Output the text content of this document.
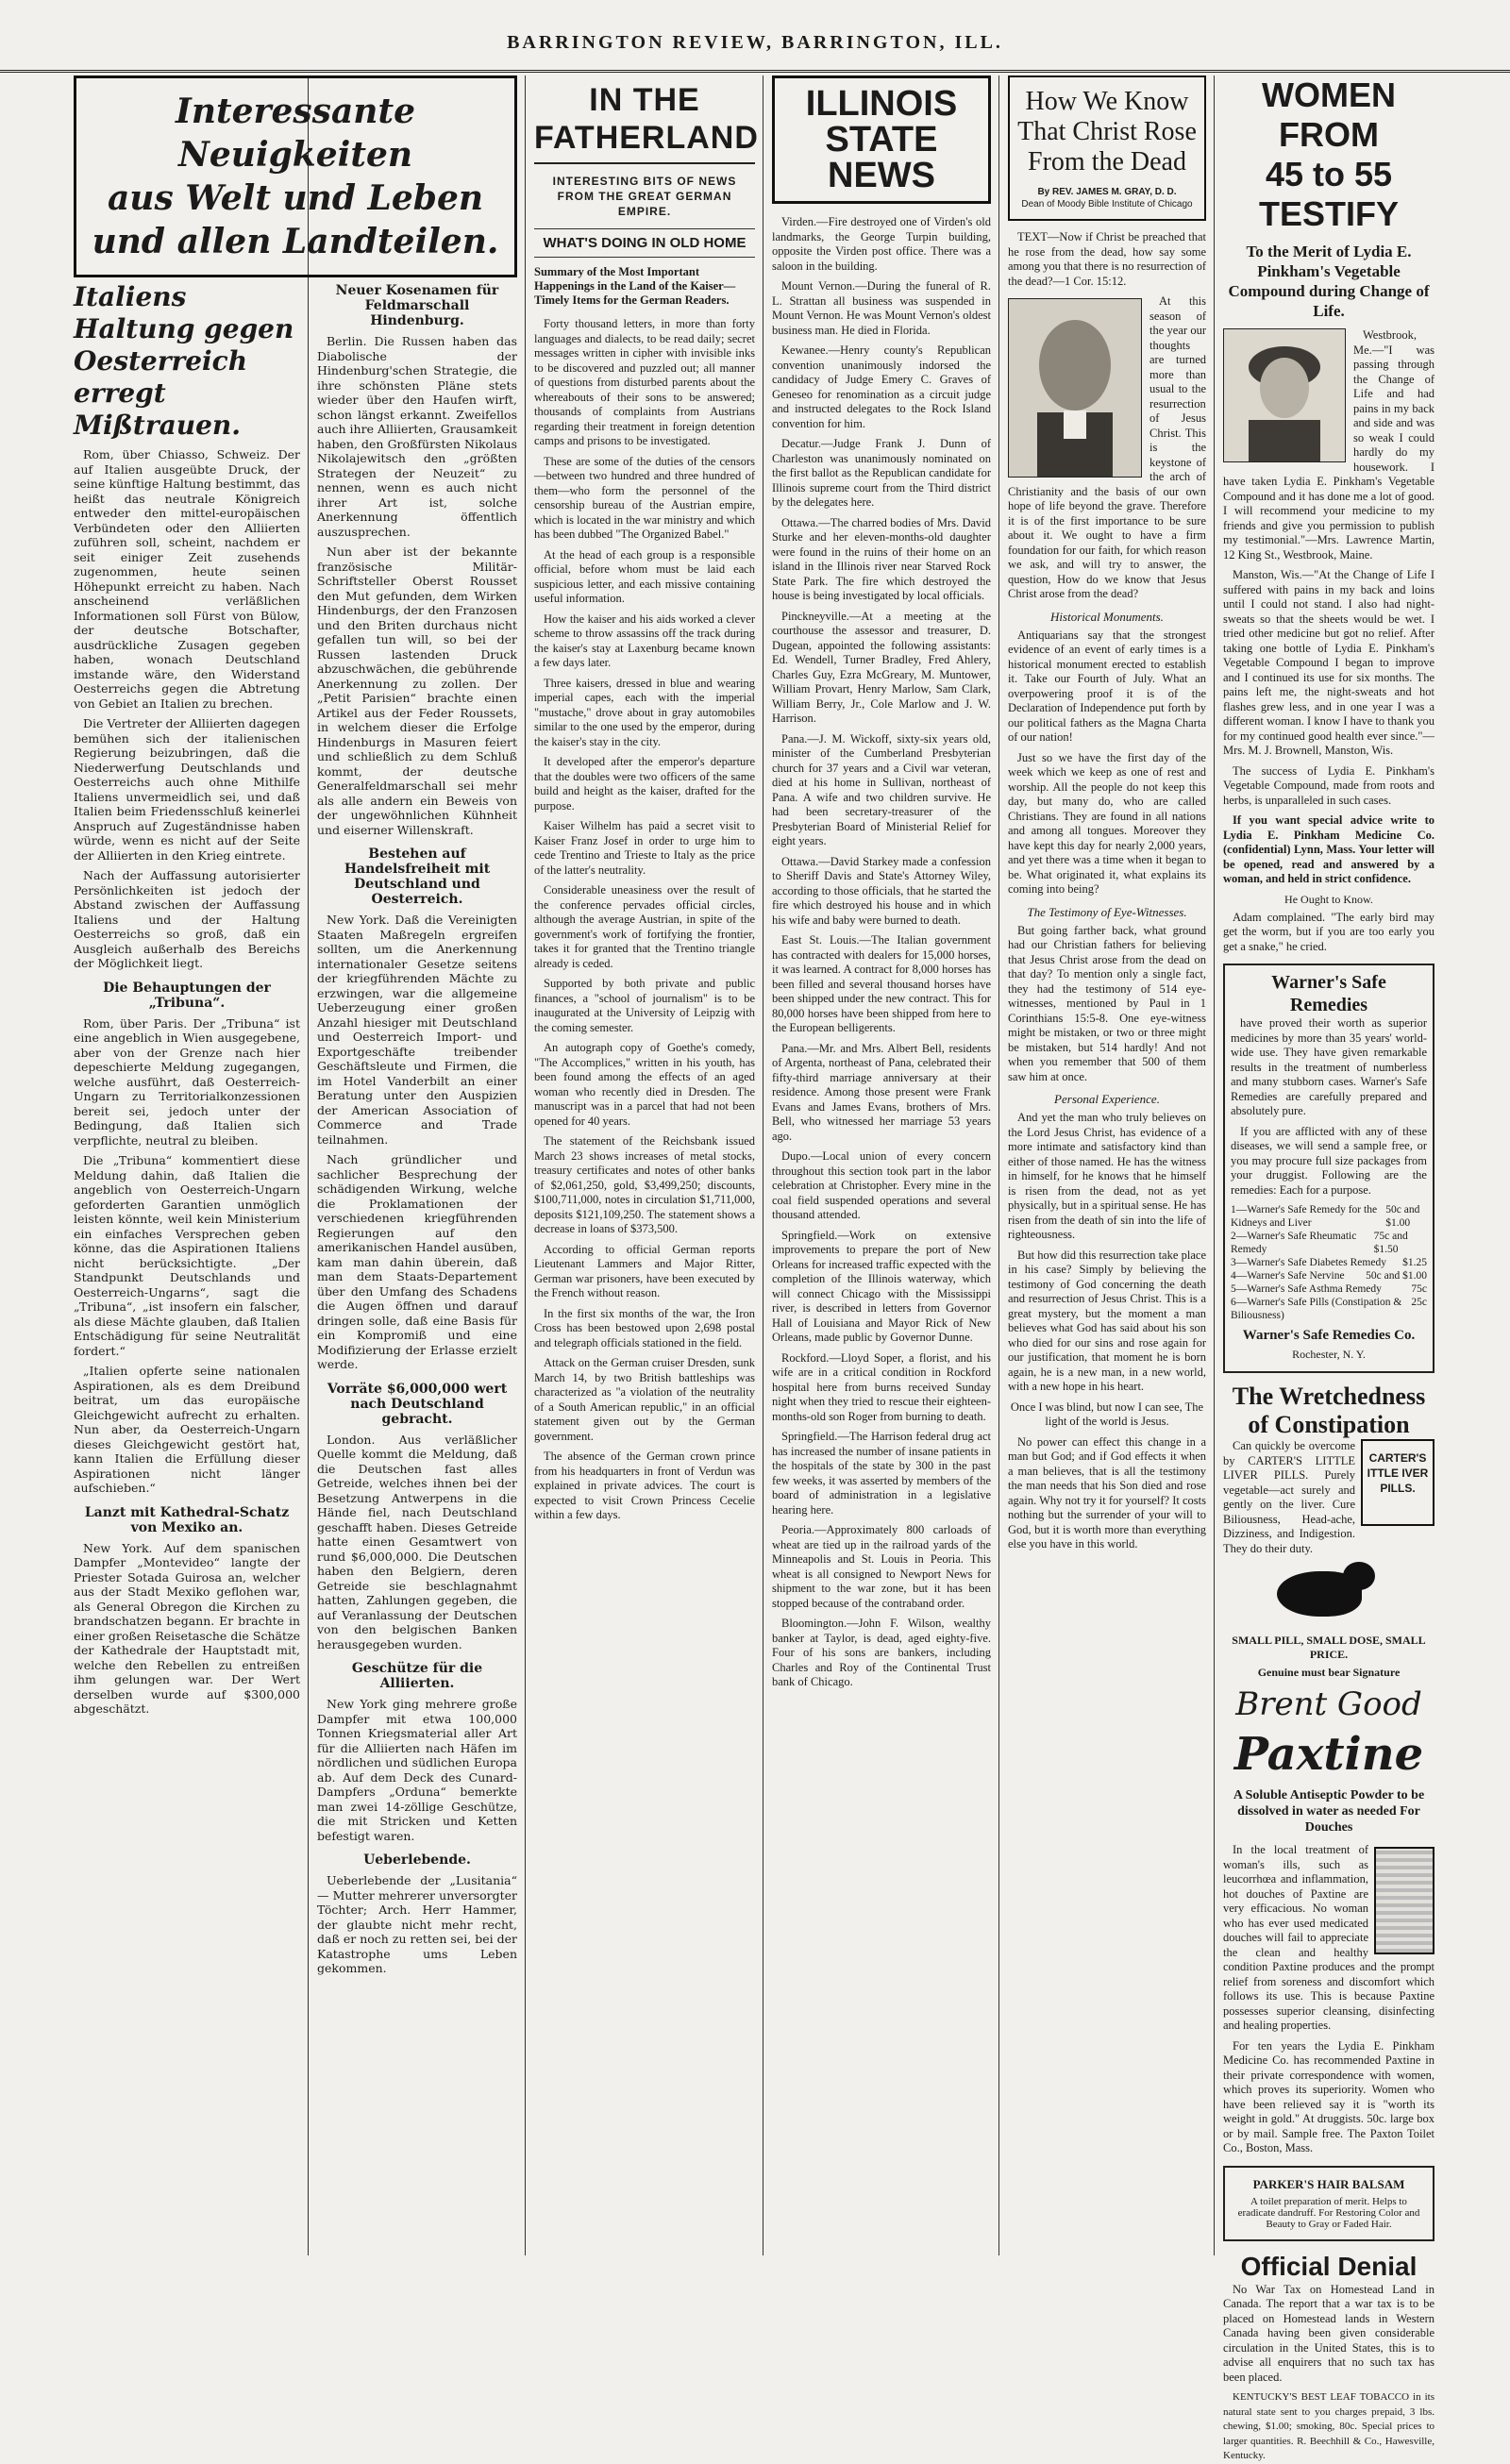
BARRINGTON REVIEW, BARRINGTON, ILL.
Interessante Neuigkeiten
aus Welt und Leben
und allen Landteilen.
Italiens Haltung gegen Oesterreich erregt Mißtrauen.

Rom, über Chiasso, Schweiz. Der auf Italien ausgeübte Druck, der seine künftige Haltung bestimmt, das heißt das neutrale Königreich entweder den mittel-europäischen Verbündeten oder den Alliierten zuführen soll, scheint, nachdem er seit einiger Zeit zusehends zugenommen, heute seinen Höhepunkt erreicht zu haben. Nach anscheinend verläßlichen Informationen soll Fürst von Bülow, der deutsche Botschafter, ausdrückliche Zusagen gegeben haben, wonach Deutschland imstande wäre, den Widerstand Oesterreichs gegen die Abtretung von Gebiet an Italien zu brechen.

Die Vertreter der Alliierten dagegen bemühen sich der italienischen Regierung beizubringen, daß die Niederwerfung Deutschlands und Oesterreichs auch ohne Mithilfe Italiens unvermeidlich sei, und daß Italien beim Friedensschluß keinerlei Anspruch auf Zugeständnisse haben würde, wenn es nicht auf der Seite der Alliierten in den Krieg eintrete.

Nach der Auffassung autorisierter Persönlichkeiten ist jedoch der Abstand zwischen der Auffassung Italiens und der Haltung Oesterreichs so groß, daß ein Ausgleich außerhalb des Bereichs der Möglichkeit liegt.

Die Behauptungen der „Tribuna“.

Rom, über Paris. Der „Tribuna“ ist eine angeblich in Wien ausgegebene, aber von der Grenze nach hier depeschierte Meldung zugegangen, welche ausführt, daß Oesterreich-Ungarn zu Territorialkonzessionen bereit sei, jedoch unter der Bedingung, daß Italien sich verpflichte, neutral zu bleiben.

Die „Tribuna“ kommentiert diese Meldung dahin, daß Italien die angeblich von Oesterreich-Ungarn geforderten Garantien unmöglich leisten könnte, weil kein Ministerium ein einfaches Versprechen geben könne, das die Aspirationen Italiens nicht berücksichtigte. „Der Standpunkt Deutschlands und Oesterreich-Ungarns“, sagt die „Tribuna“, „ist insofern ein falscher, als diese Mächte glauben, daß Italien Entschädigung für seine Neutralität fordert.“

„Italien opferte seine nationalen Aspirationen, als es dem Dreibund beitrat, um das europäische Gleichgewicht aufrecht zu erhalten. Nun aber, da Oesterreich-Ungarn dieses Gleichgewicht gestört hat, kann Italien die Erfüllung dieser Aspirationen nicht länger aufschieben.“

Lanzt mit Kathedral-Schatz von Mexiko an.

New York. Auf dem spanischen Dampfer „Montevideo“ langte der Priester Sotada Guirosa an, welcher aus der Stadt Mexiko geflohen war, als General Obregon die Kirchen zu brandschatzen begann. Er brachte in einer großen Reisetasche die Schätze der Kathedrale der Hauptstadt mit, welche den Rebellen zu entreißen ihm gelungen war. Der Wert derselben wurde auf $300,000 abgeschätzt.

Neuer Kosenamen für Feldmarschall Hindenburg.

Berlin. Die Russen haben das Diabolische der Hindenburg'schen Strategie, die ihre schönsten Pläne stets wieder über den Haufen wirft, schon längst erkannt. Zweifellos auch ihre Alliierten, Grausamkeit haben, den Großfürsten Nikolaus Nikolajewitsch den „größten Strategen der Neuzeit“ zu nennen, wenn es auch nicht ihrer Art ist, solche Anerkennung öffentlich auszusprechen.

Nun aber ist der bekannte französische Militär-Schriftsteller Oberst Rousset den Mut gefunden, dem Wirken Hindenburgs, der den Franzosen und den Briten durchaus nicht gefallen tun will, so bei der Russen lastenden Druck abzuschwächen, die gebührende Anerkennung zu zollen. Der „Petit Parisien“ brachte einen Artikel aus der Feder Roussets, in welchem dieser die Erfolge Hindenburgs in Masuren feiert und schließlich zu dem Schluß kommt, der deutsche Generalfeldmarschall sei mehr als alle andern ein Beweis von der ungewöhnlichen Kühnheit und eiserner Willenskraft.

Bestehen auf Handelsfreiheit mit Deutschland und Oesterreich.

New York. Daß die Vereinigten Staaten Maßregeln ergreifen sollten, um die Anerkennung internationaler Gesetze seitens der kriegführenden Mächte zu erzwingen, war die allgemeine Ueberzeugung einer großen Anzahl hiesiger mit Deutschland und Oesterreich Import- und Exportgeschäfte treibender Geschäftsleute und Firmen, die im Hotel Vanderbilt an einer Beratung unter den Auspizien der American Association of Commerce and Trade teilnahmen.

Nach gründlicher und sachlicher Besprechung der schädigenden Wirkung, welche die Proklamationen der verschiedenen kriegführenden Regierungen auf den amerikanischen Handel ausüben, kam man dahin überein, daß man dem Staats-Departement über den Umfang des Schadens die Augen öffnen und darauf dringen solle, daß eine Basis für ein Kompromiß und eine Modifizierung der Erlasse erzielt werde.

Vorräte $6,000,000 wert nach Deutschland gebracht.

London. Aus verläßlicher Quelle kommt die Meldung, daß die Deutschen fast alles Getreide, welches ihnen bei der Besetzung Antwerpens in die Hände fiel, nach Deutschland geschafft haben. Dieses Getreide hatte einen Gesamtwert von rund $6,000,000. Die Deutschen haben den Belgiern, deren Getreide sie beschlagnahmt hatten, Zahlungen gegeben, die auf Veranlassung der Deutschen von den belgischen Banken herausgegeben wurden.

Geschütze für die Alliierten.

New York ging mehrere große Dampfer mit etwa 100,000 Tonnen Kriegsmaterial aller Art für die Alliierten nach Häfen im nördlichen und südlichen Europa ab. Auf dem Deck des Cunard-Dampfers „Orduna“ bemerkte man zwei 14-zöllige Geschütze, die mit Stricken und Ketten befestigt waren.

Ueberlebende.

Ueberlebende der „Lusitania“ — Mutter mehrerer unversorgter Töchter; Arch. Herr Hammer, der glaubte nicht mehr recht, daß er noch zu retten sei, bei der Katastrophe ums Leben gekommen.

IN THE FATHERLAND
INTERESTING BITS OF NEWS FROM THE GREAT GERMAN EMPIRE.
WHAT'S DOING IN OLD HOME
Summary of the Most Important Happenings in the Land of the Kaiser—Timely Items for the German Readers.

Forty thousand letters, in more than forty languages and dialects, to be read daily; secret messages written in cipher with invisible inks to be discovered and puzzled out; all manner of questions from disturbed parents about the whereabouts of their sons to be answered; thousands of complaints from Austrians regarding their treatment in foreign detention camps and prisons to be investigated.

These are some of the duties of the censors—between two hundred and three hundred of them—who form the personnel of the censorship bureau of the Austrian empire, which is located in the war ministry and which has been dubbed "The Organized Babel."

At the head of each group is a responsible official, before whom must be laid each suspicious letter, and each missive containing useful information.

How the kaiser and his aids worked a clever scheme to throw assassins off the track during the kaiser's stay at Laxenburg became known a few days later.

Three kaisers, dressed in blue and wearing imperial capes, each with the imperial "mustache," drove about in gray automobiles similar to the one used by the emperor, during the kaiser's stay in the city.

It developed after the emperor's departure that the doubles were two officers of the same build and height as the kaiser, drafted for the purpose.

Kaiser Wilhelm has paid a secret visit to Kaiser Franz Josef in order to urge him to cede Trentino and Trieste to Italy as the price of the latter's neutrality.

Considerable uneasiness over the result of the conference pervades official circles, although the average Austrian, in spite of the government's work of fortifying the frontier, takes it for granted that the Trentino triangle already is ceded.

Supported by both private and public finances, a "school of journalism" is to be inaugurated at the University of Leipzig with the coming semester.

An autograph copy of Goethe's comedy, "The Accomplices," written in his youth, has been found among the effects of an aged woman who recently died in Dresden. The manuscript was in a parcel that had not been opened for 40 years.

The statement of the Reichsbank issued March 23 shows increases of metal stocks, treasury certificates and notes of other banks of $2,061,250, gold, $3,499,250; discounts, $100,711,000, notes in circulation $1,711,000, deposits $121,109,250. The statement shows a decrease in loans of $373,500.

According to official German reports Lieutenant Lammers and Major Ritter, German war prisoners, have been executed by the French without reason.

In the first six months of the war, the Iron Cross has been bestowed upon 2,698 postal and telegraph officials stationed in the field.

Attack on the German cruiser Dresden, sunk March 14, by two British battleships was characterized as "a violation of the neutrality of a South American republic," in an official statement given out by the German government.

The absence of the German crown prince from his headquarters in front of Verdun was explained in private advices. The court is expected to visit Crown Princess Cecelie within a few days.

ILLINOIS
STATE NEWS

Virden.—Fire destroyed one of Virden's old landmarks, the George Turpin building, opposite the Virden post office. There was a saloon in the building.

Mount Vernon.—During the funeral of R. L. Strattan all business was suspended in Mount Vernon. He was Mount Vernon's oldest business man. He died in Florida.

Kewanee.—Henry county's Republican convention unanimously indorsed the candidacy of Judge Emery C. Graves of Geneseo for renomination as a circuit judge and instructed delegates to the Rock Island convention for him.

Decatur.—Judge Frank J. Dunn of Charleston was unanimously nominated on the first ballot as the Republican candidate for Illinois supreme court from the Third district by the delegates here.

Ottawa.—The charred bodies of Mrs. David Sturke and her eleven-months-old daughter were found in the ruins of their home on an island in the Illinois river near Starved Rock State Park. The fire which destroyed the house is being investigated by local officials.

Pinckneyville.—At a meeting at the courthouse the assessor and treasurer, D. Dugean, appointed the following assistants: Ed. Wendell, Turner Bradley, Fred Ahlery, Charles Guy, Ezra McGreary, M. Muntower, William Provart, Henry Marlow, Sam Clark, William Berry, Jr., Cole Marlow and J. W. Harrison.

Pana.—J. M. Wickoff, sixty-six years old, minister of the Cumberland Presbyterian church for 37 years and a Civil war veteran, died at his home in Sullivan, northeast of Pana. A wife and two children survive. He had been secretary-treasurer of the Presbyterian Board of Ministerial Relief for eight years.

Ottawa.—David Starkey made a confession to Sheriff Davis and State's Attorney Wiley, according to those officials, that he started the fire which destroyed his house and in which his wife and baby were burned to death.

East St. Louis.—The Italian government has contracted with dealers for 15,000 horses, it was learned. A contract for 8,000 horses has been filled and several thousand horses have been shipped under the new contract. This for 80,000 horses have been shipped from here to the European belligerents.

Pana.—Mr. and Mrs. Albert Bell, residents of Argenta, northeast of Pana, celebrated their fifty-third marriage anniversary at their residence. Among those present were Frank Evans and James Evans, brothers of Mrs. Bell, who witnessed her marriage 53 years ago.

Dupo.—Local union of every concern throughout this section took part in the labor celebration at Christopher. Every mine in the coal field suspended operations and several thousand attended.

Springfield.—Work on extensive improvements to prepare the port of New Orleans for increased traffic expected with the completion of the Illinois waterway, which will connect Chicago with the Mississippi river, is described in letters from Governor Hall of Louisiana and Mayor Rick of New Orleans, made public by Governor Dunne.

Rockford.—Lloyd Soper, a florist, and his wife are in a critical condition in Rockford hospital here from burns received Sunday night when they tried to rescue their eighteen-months-old son Roger from burning to death.

Springfield.—The Harrison federal drug act has increased the number of insane patients in the hospitals of the state by 300 in the past few weeks, it was asserted by members of the board of administration in a legislative hearing here.

Peoria.—Approximately 800 carloads of wheat are tied up in the railroad yards of the Minneapolis and St. Louis in Peoria. This wheat is all consigned to Newport News for shipment to the war zone, but it has been stopped because of the contraband order.

Bloomington.—John F. Wilson, wealthy banker at Taylor, is dead, aged eighty-five. Four of his sons are bankers, including Charles and Roy of the Continental Trust bank of Chicago.

How We Know That Christ Rose From the Dead
By REV. JAMES M. GRAY, D. D.
Dean of Moody Bible Institute of Chicago

TEXT—Now if Christ be preached that he rose from the dead, how say some among you that there is no resurrection of the dead?—1 Cor. 15:12.

At this season of the year our thoughts are turned more than usual to the resurrection of Jesus Christ. This is the keystone of the arch of Christianity and the basis of our own hope of life beyond the grave. Therefore it is of the first importance to be sure about it. We ought to have a firm foundation for our faith, for which reason we ask, and will try to answer, the question, How do we know that Jesus Christ arose from the dead?

Historical Monuments.

Antiquarians say that the strongest evidence of an event of early times is a historical monument erected to establish it. Take our Fourth of July. What an overpowering proof it is of the Declaration of Independence put forth by our political fathers as the Magna Charta of our nation!

Just so we have the first day of the week which we keep as one of rest and worship. All the people do not keep this day, but many do, who are called Christians. They are found in all nations and among all tongues. Moreover they have kept this day for nearly 2,000 years, and yet there was a time when it began to be. What originated it, what explains its coming into being?

The Testimony of Eye-Witnesses.

But going farther back, what ground had our Christian fathers for believing that Jesus Christ arose from the dead on that day? To mention only a single fact, they had the testimony of 514 eye-witnesses, mentioned by Paul in 1 Corinthians 15:5-8. One eye-witness might be mistaken, or two or three might be mistaken, but 514 hardly! And not when you remember that 500 of them saw him at once.

Personal Experience.

And yet the man who truly believes on the Lord Jesus Christ, has evidence of a more intimate and satisfactory kind than either of those named. He has the witness in himself, for he knows that he himself is risen from the dead, not as yet physically, but in a spiritual sense. He has risen from the death of sin into the life of righteousness.

But how did this resurrection take place in his case? Simply by believing the testimony of God concerning the death and resurrection of Jesus Christ. This is a great mystery, but the moment a man believes what God has said about his son who died for our sins and rose again for our justification, that moment he is born again, he is a new man, in a new world, with a new hope in his heart.

Once I was blind, but now I can see, The light of the world is Jesus.

No power can effect this change in a man but God; and if God effects it when a man believes, that is all the testimony the man needs that his Son died and rose again. Why not try it for yourself? It costs nothing but the surrender of your will to God, but it is worth more than everything else you have in this world.

WOMEN FROM
45 to 55 TESTIFY
To the Merit of Lydia E. Pinkham's Vegetable Compound during Change of Life.

Westbrook, Me.—"I was passing through the Change of Life and had pains in my back and side and was so weak I could hardly do my housework. I have taken Lydia E. Pinkham's Vegetable Compound and it has done me a lot of good. I will recommend your medicine to my friends and give you permission to publish my testimonial."—Mrs. Lawrence Martin, 12 King St., Westbrook, Maine.

Manston, Wis.—"At the Change of Life I suffered with pains in my back and loins until I could not stand. I also had night-sweats so that the sheets would be wet. I tried other medicine but got no relief. After taking one bottle of Lydia E. Pinkham's Vegetable Compound I began to improve and I continued its use for six months. The pains left me, the night-sweats and hot flashes grew less, and in one year I was a different woman. I know I have to thank you for my continued good health ever since."—Mrs. M. J. Brownell, Manston, Wis.

The success of Lydia E. Pinkham's Vegetable Compound, made from roots and herbs, is unparalleled in such cases.

If you want special advice write to Lydia E. Pinkham Medicine Co. (confidential) Lynn, Mass. Your letter will be opened, read and answered by a woman, and held in strict confidence.

He Ought to Know.

Adam complained. "The early bird may get the worm, but if you are too early you get a snake," he cried.

Warner's Safe Remedies

have proved their worth as superior medicines by more than 35 years' world-wide use. They have given remarkable results in the treatment of numberless and many stubborn cases. Warner's Safe Remedies are carefully prepared and absolutely pure.

If you are afflicted with any of these diseases, we will send a sample free, or you may procure full size packages from your druggist. Following are the remedies: Each for a purpose.

1—Warner's Safe Remedy for the Kidneys and Liver
50c and $1.00
2—Warner's Safe Rheumatic Remedy
75c and $1.50
3—Warner's Safe Diabetes Remedy $1.25
4—Warner's Safe Nervine 50c and $1.00
5—Warner's Safe Asthma Remedy	75c
6—Warner's Safe Pills (Constipation & Biliousness)
25c
Warner's Safe Remedies Co.
Rochester, N. Y.
The Wretchedness of Constipation
CARTER'S ITTLE IVER PILLS.

Can quickly be overcome by CARTER'S LITTLE LIVER PILLS. Purely vegetable—act surely and gently on the liver. Cure Biliousness, Head-ache, Dizziness, and Indigestion. They do their duty.

SMALL PILL, SMALL DOSE, SMALL PRICE.
Genuine must bear Signature
Brent Good
Paxtine
A Soluble Antiseptic Powder to be dissolved in water as needed For Douches

In the local treatment of woman's ills, such as leucorrhœa and inflammation, hot douches of Paxtine are very efficacious. No woman who has ever used medicated douches will fail to appreciate the clean and healthy condition Paxtine produces and the prompt relief from soreness and discomfort which follows its use. This is because Paxtine possesses superior cleansing, disinfecting and healing properties.

For ten years the Lydia E. Pinkham Medicine Co. has recommended Paxtine in their private correspondence with women, which proves its superiority. Women who have been relieved say it is "worth its weight in gold." At druggists. 50c. large box or by mail. Sample free. The Paxton Toilet Co., Boston, Mass.

PARKER'S HAIR BALSAM
A toilet preparation of merit. Helps to eradicate dandruff. For Restoring Color and Beauty to Gray or Faded Hair.
Official Denial

No War Tax on Homestead Land in Canada. The report that a war tax is to be placed on Homestead lands in Western Canada having been given considerable circulation in the United States, this is to advise all enquirers that no such tax has been placed.

KENTUCKY'S BEST LEAF TOBACCO in its natural state sent to you charges prepaid, 3 lbs. chewing, $1.00; smoking, 80c. Special prices to larger quantities. R. Beechhill & Co., Hawesville, Kentucky.
